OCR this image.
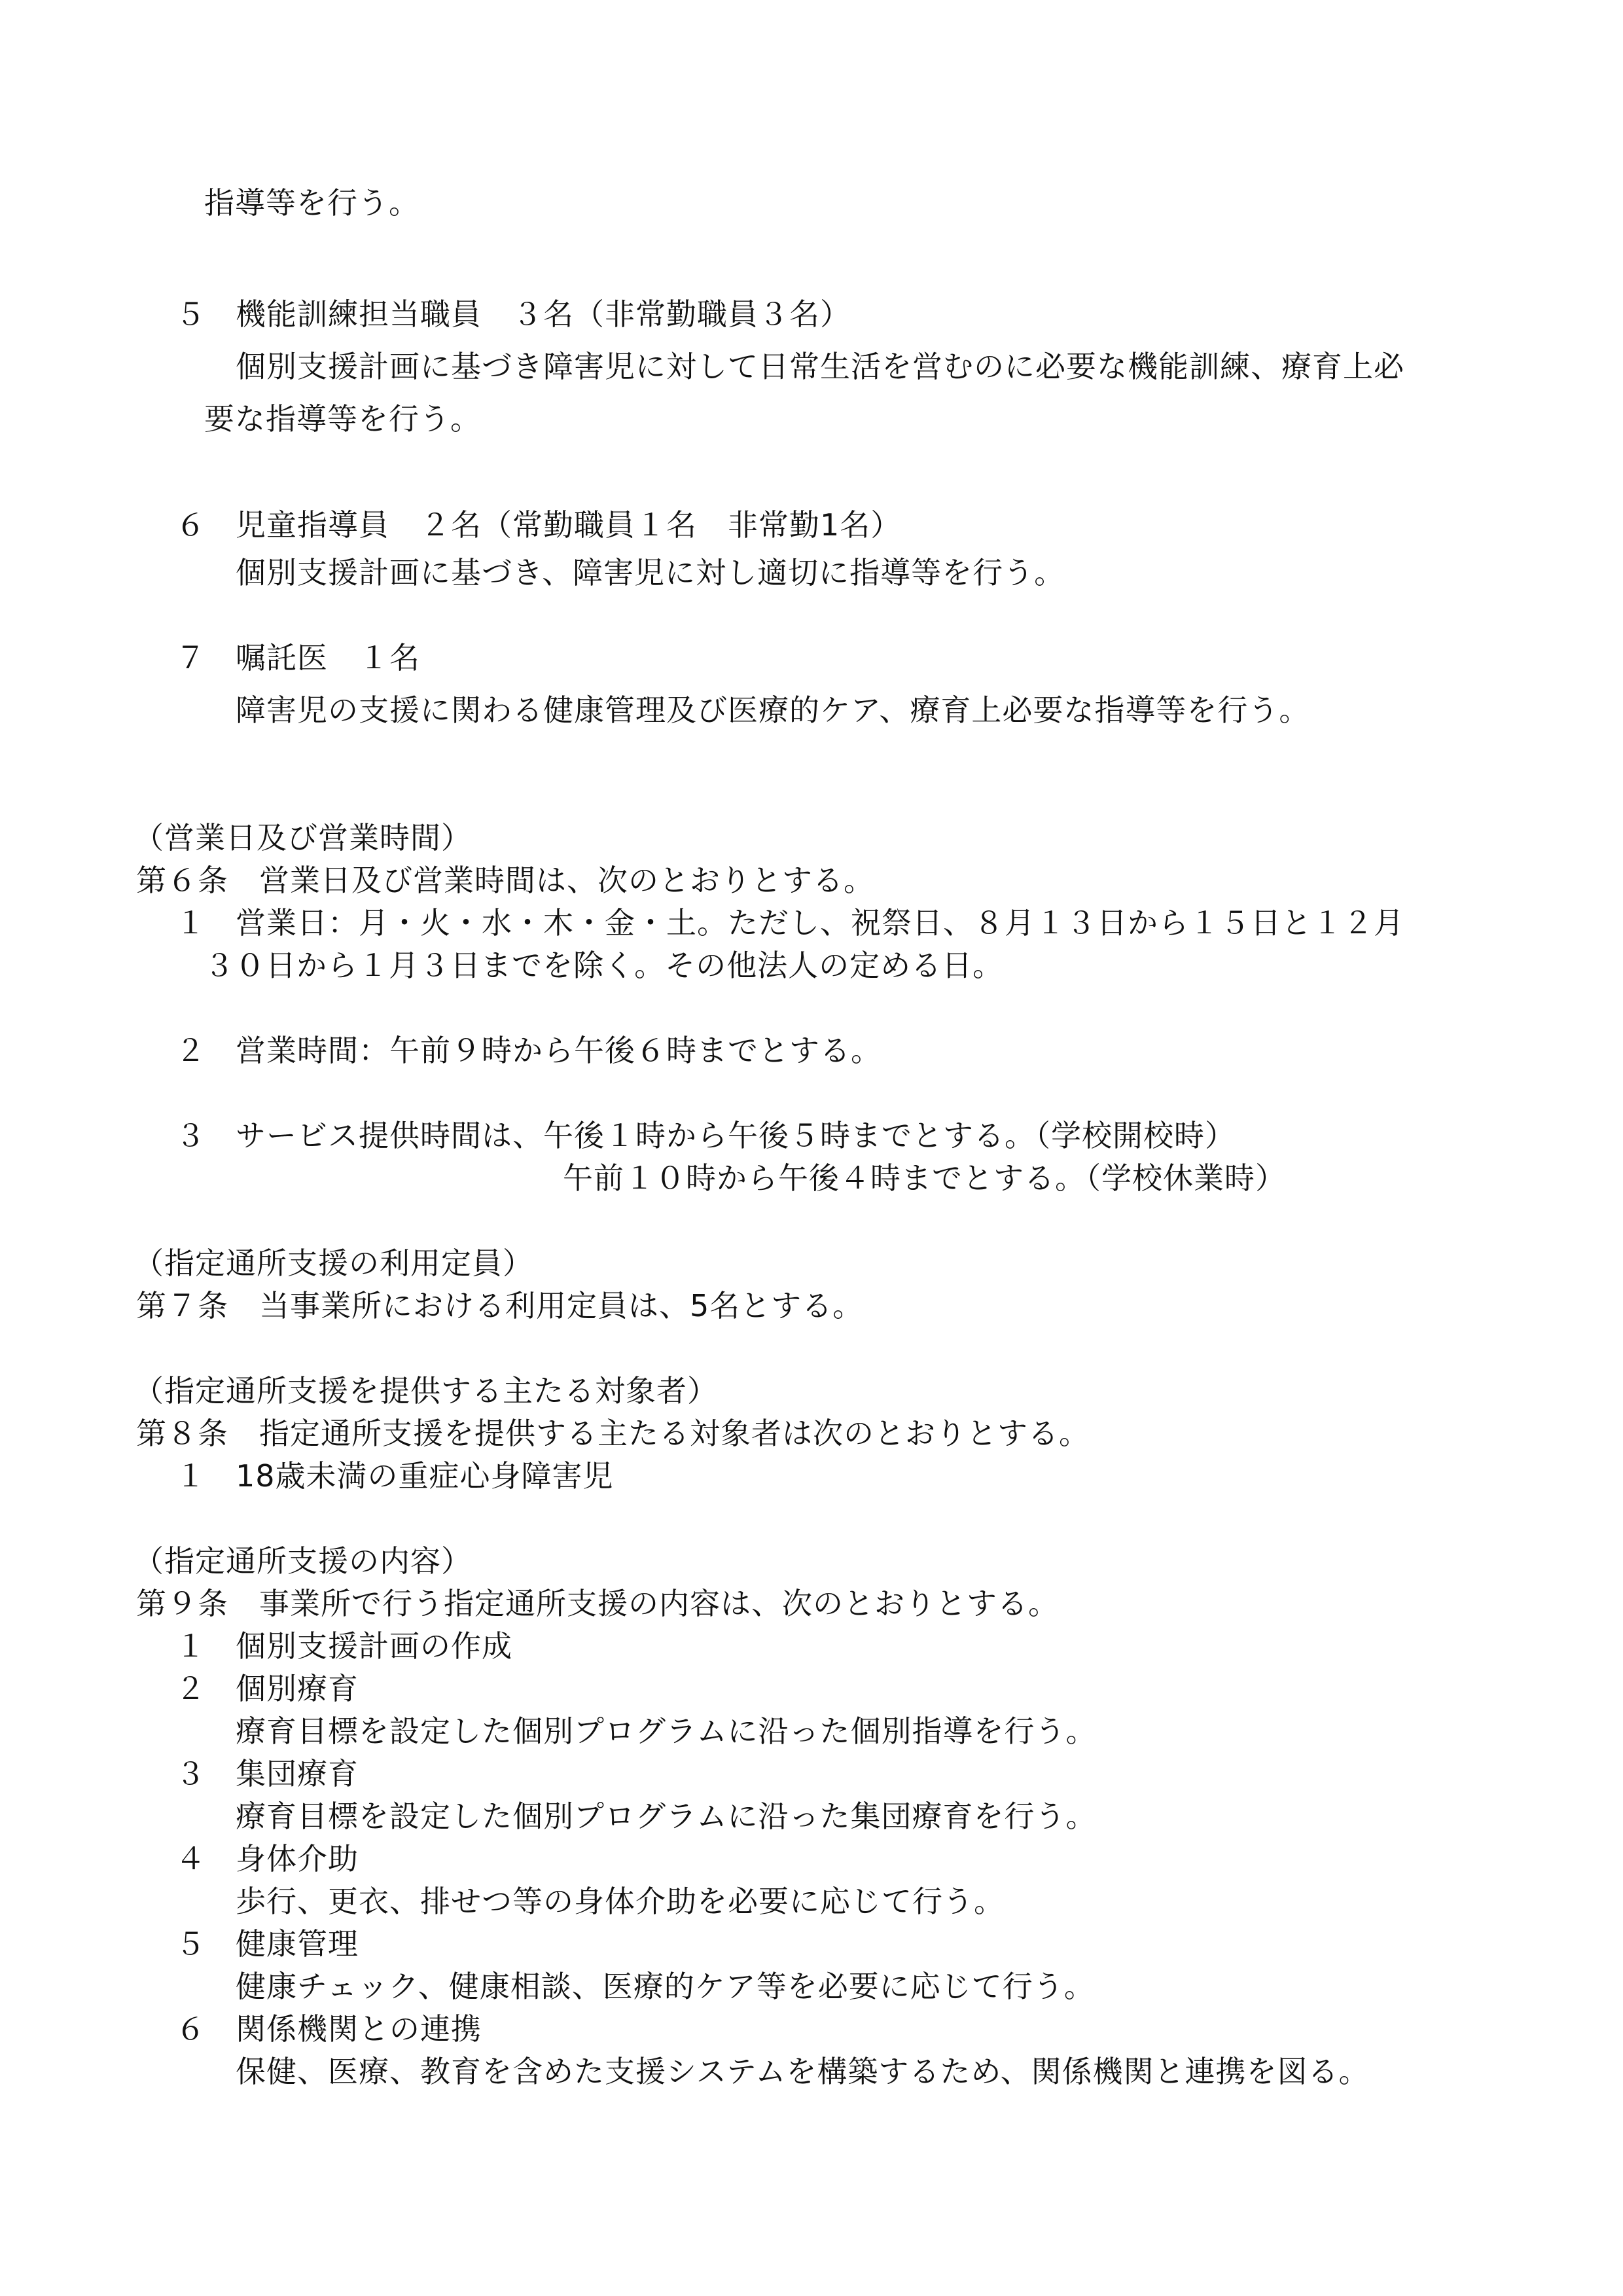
指導等を行う。
５ 機能訓練担当職員　３名（非常勤職員３名）
個別支援計画に基づき障害児に対して日常生活を営むのに必要な機能訓練、療育上必
要な指導等を行う。
６ 児童指導員　２名（常勤職員１名　非常勤1名）
個別支援計画に基づき、障害児に対し適切に指導等を行う。
７ 嘱託医　１名
障害児の支援に関わる健康管理及び医療的ケア、療育上必要な指導等を行う。
（営業日及び営業時間）
第６条　営業日及び営業時間は、次のとおりとする。
１ 営業日：月・火・水・木・金・土。ただし、祝祭日、８月１３日から１５日と１２月
３０日から１月３日までを除く。その他法人の定める日。
２ 営業時間：午前９時から午後６時までとする。
３ サービス提供時間は、午後１時から午後５時までとする。（学校開校時）
午前１０時から午後４時までとする。（学校休業時）
（指定通所支援の利用定員）
第７条　当事業所における利用定員は、5名とする。
（指定通所支援を提供する主たる対象者）
第８条　指定通所支援を提供する主たる対象者は次のとおりとする。
１ 18歳未満の重症心身障害児
（指定通所支援の内容）
第９条　事業所で行う指定通所支援の内容は、次のとおりとする。
１ 個別支援計画の作成
２ 個別療育
療育目標を設定した個別プログラムに沿った個別指導を行う。
３ 集団療育
療育目標を設定した個別プログラムに沿った集団療育を行う。
４ 身体介助
歩行、更衣、排せつ等の身体介助を必要に応じて行う。
５ 健康管理
健康チェック、健康相談、医療的ケア等を必要に応じて行う。
６ 関係機関との連携
保健、医療、教育を含めた支援システムを構築するため、関係機関と連携を図る。
